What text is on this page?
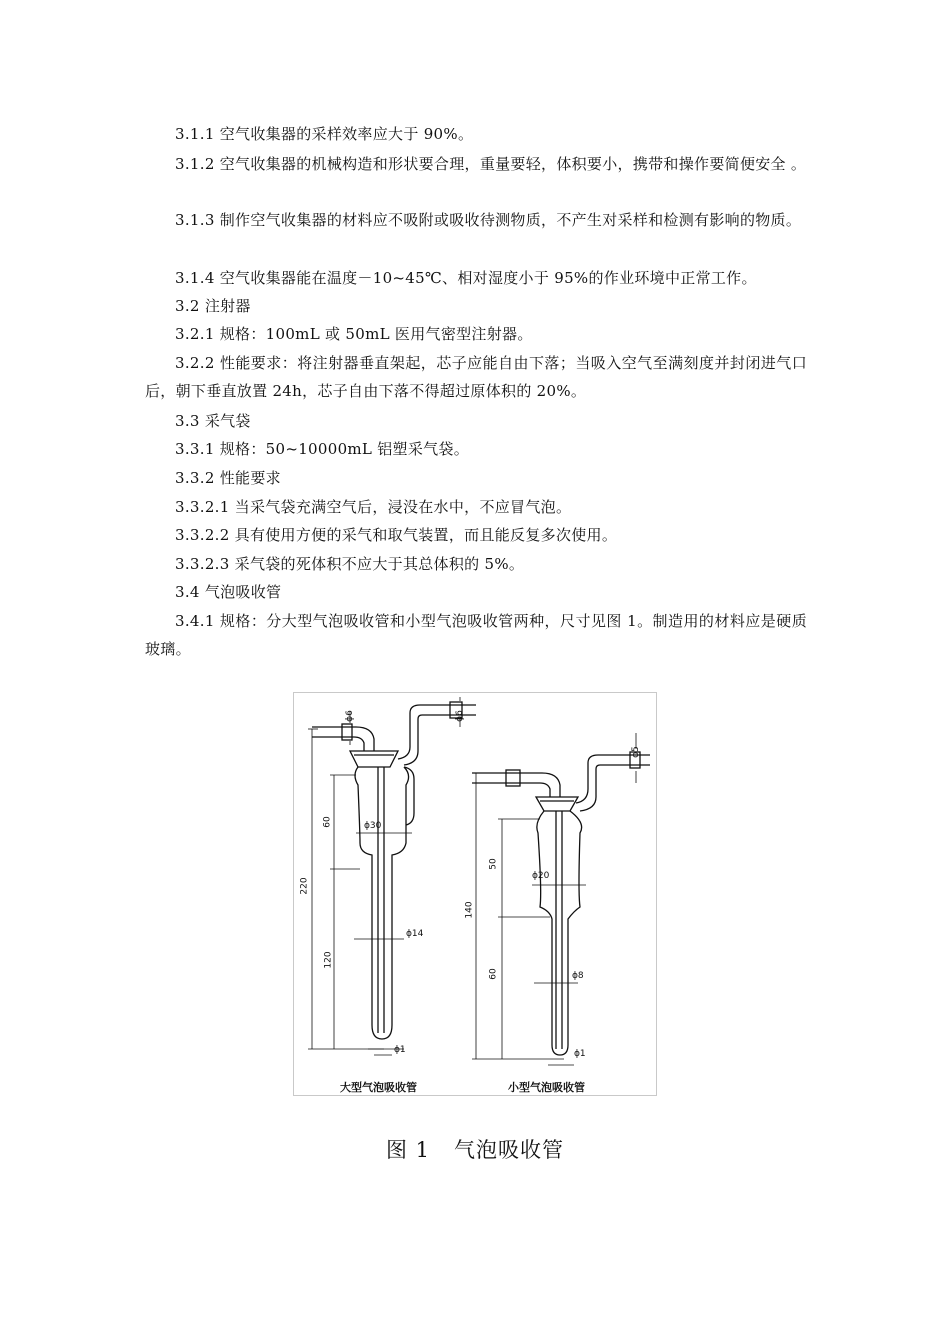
3.1.1 空气收集器的采样效率应大于 90%。

3.1.2 空气收集器的机械构造和形状要合理，重量要轻，体积要小，携带和操作要简便安全 。

3.1.3 制作空气收集器的材料应不吸附或吸收待测物质，不产生对采样和检测有影响的物质。

3.1.4 空气收集器能在温度－10~45℃、相对湿度小于 95%的作业环境中正常工作。

3.2 注射器

3.2.1 规格：100mL 或 50mL 医用气密型注射器。

3.2.2 性能要求：将注射器垂直架起，芯子应能自由下落；当吸入空气至满刻度并封闭进气口后，朝下垂直放置 24h，芯子自由下落不得超过原体积的 20%。

3.3 采气袋

3.3.1 规格：50~10000mL 铝塑采气袋。

3.3.2 性能要求

3.3.2.1 当采气袋充满空气后，浸没在水中，不应冒气泡。

3.3.2.2 具有使用方便的采气和取气装置，而且能反复多次使用。

3.3.2.3 采气袋的死体积不应大于其总体积的 5%。

3.4 气泡吸收管

3.4.1 规格：分大型气泡吸收管和小型气泡吸收管两种，尺寸见图 1。制造用的材料应是硬质玻璃。

220
60
120
ϕ6	ϕ6
ϕ30
ϕ14
ϕ1
大型气泡吸收管
140
50
60
ϕ5
ϕ20
ϕ8
ϕ1
小型气泡吸收管
图 1 气泡吸收管
